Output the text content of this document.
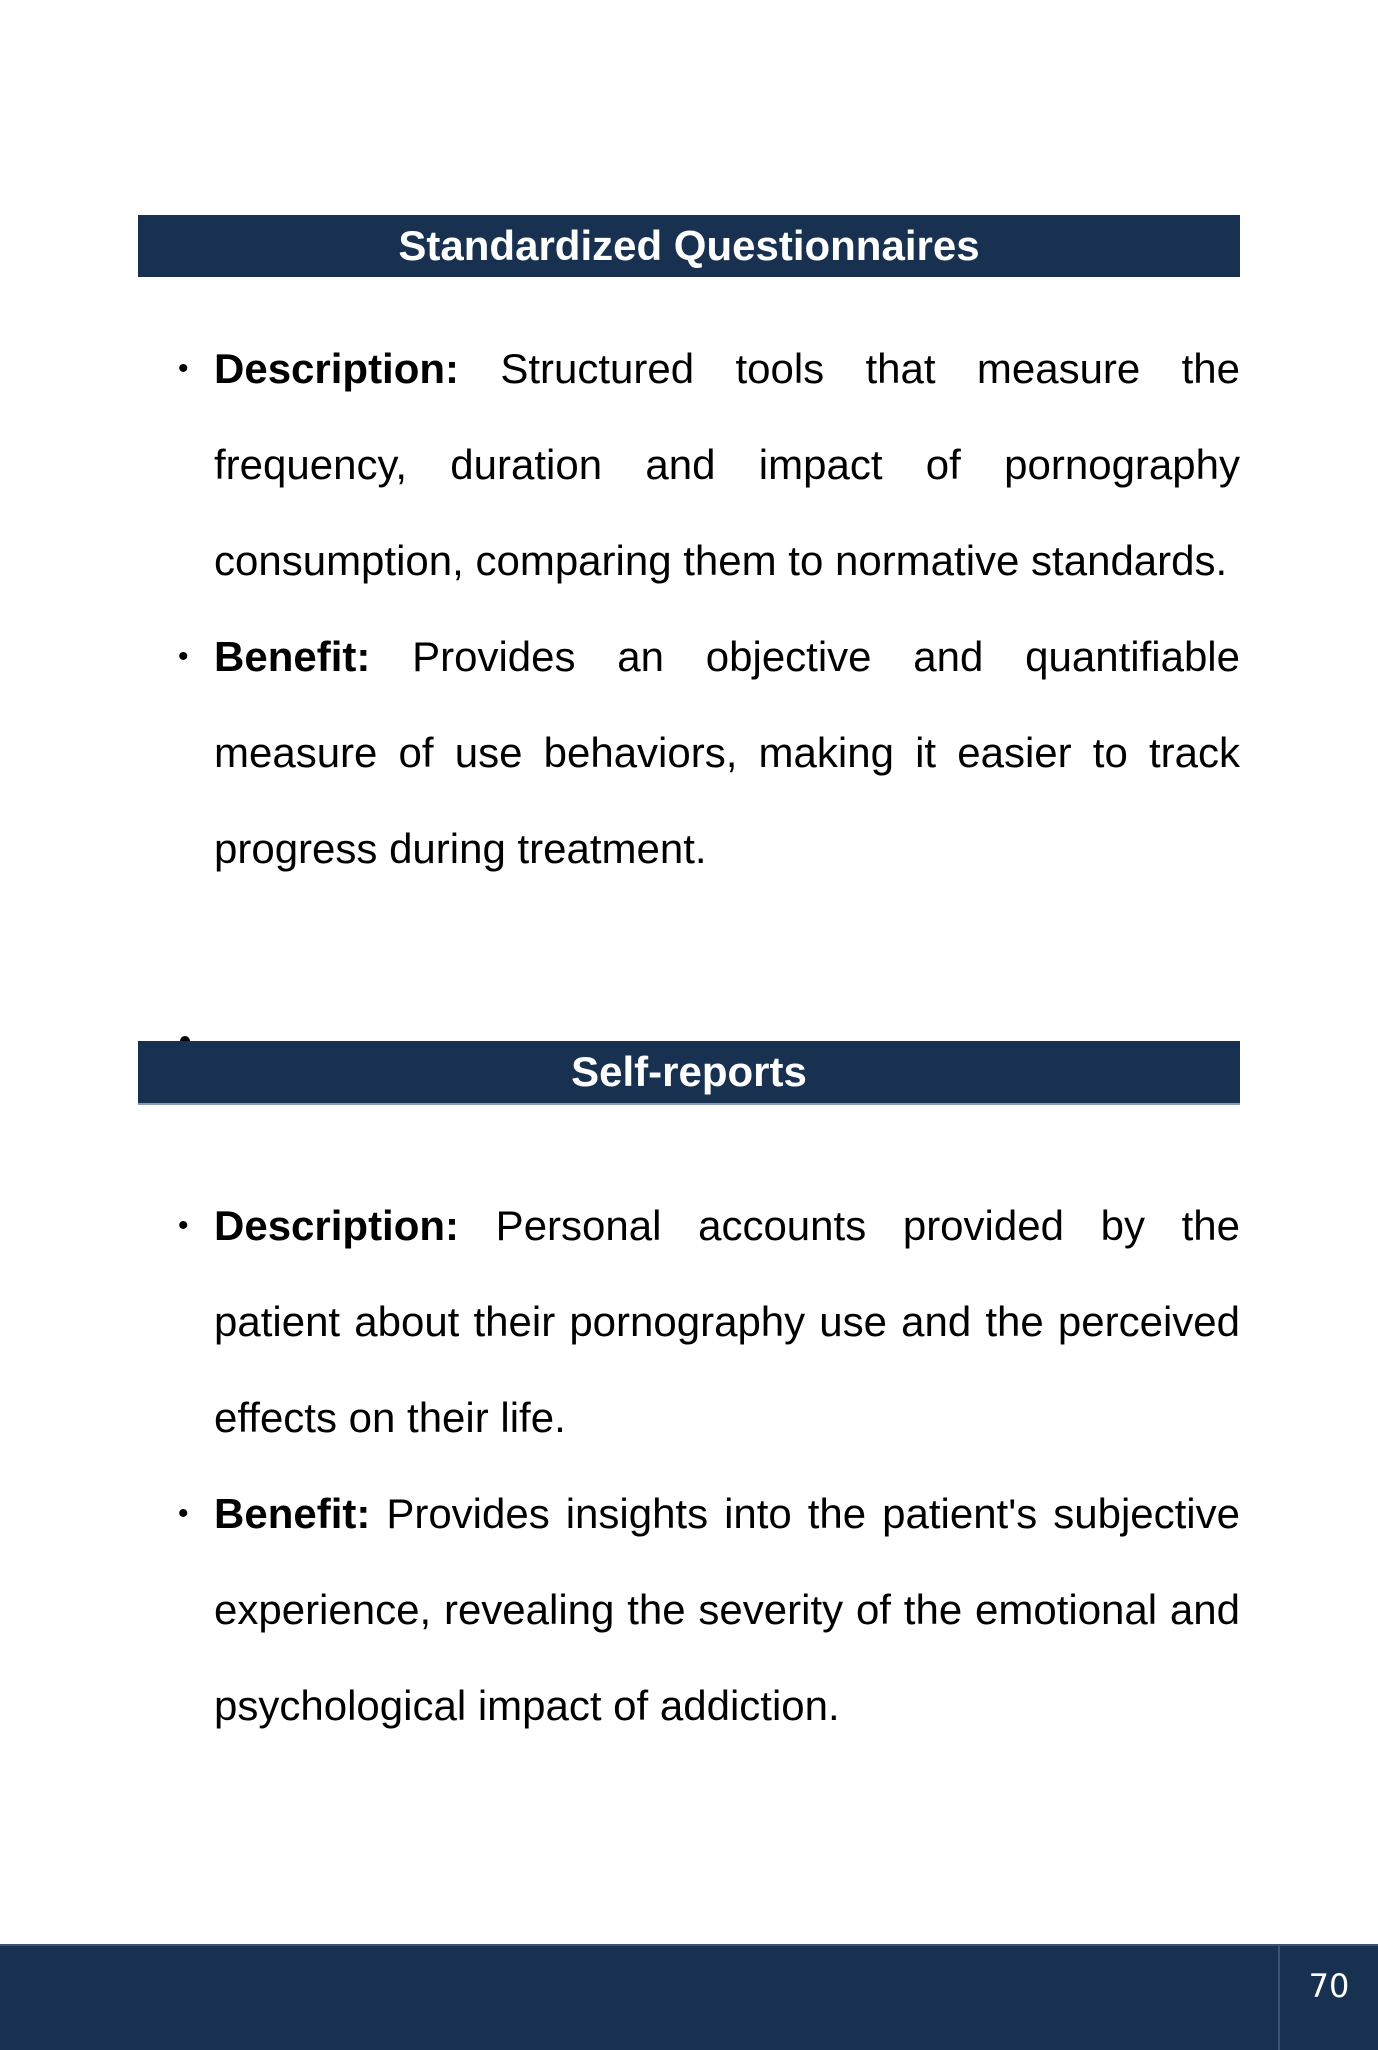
Standardized Questionnaires
• Description: Structured tools that measure the frequency, duration and impact of pornography consumption, comparing them to normative standards.
• Benefit: Provides an objective and quantifiable measure of use behaviors, making it easier to track progress during treatment.
Self-reports
• Description: Personal accounts provided by the patient about their pornography use and the perceived effects on their life.
• Benefit: Provides insights into the patient's subjective experience, revealing the severity of the emotional and psychological impact of addiction.
70
